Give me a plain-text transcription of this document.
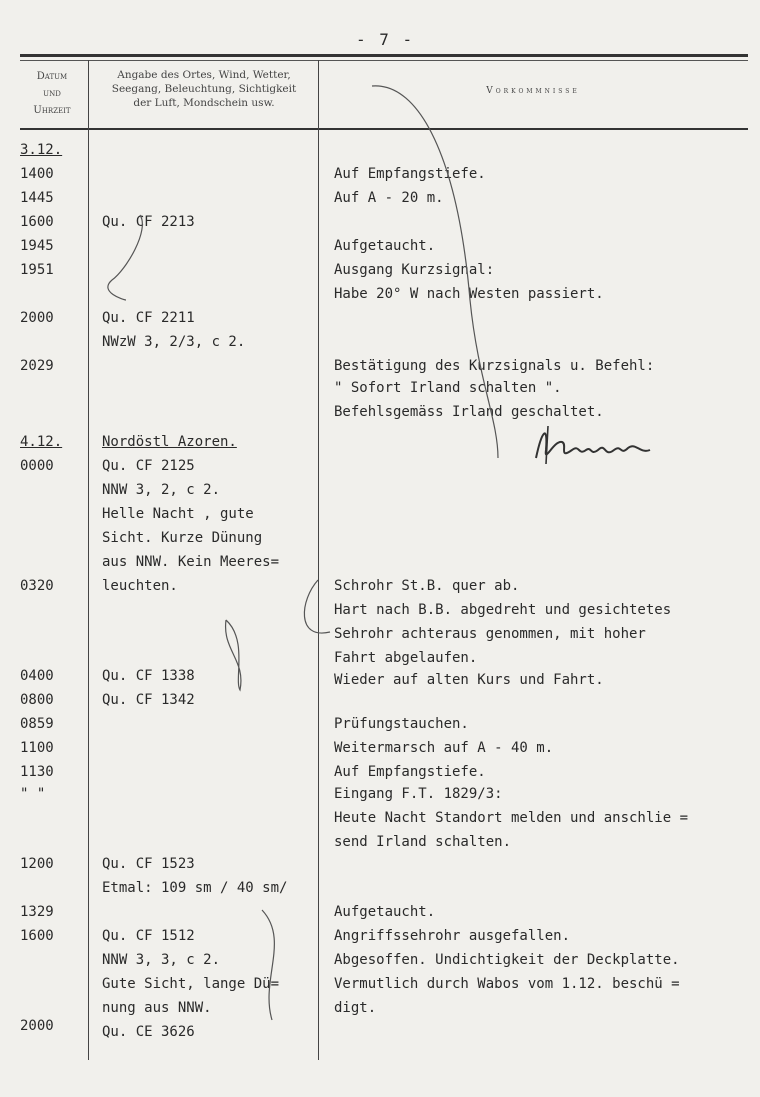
- 7 -
Datum
und
Uhrzeit
Angabe des Ortes, Wind, Wetter,
Seegang, Beleuchtung, Sichtigkeit
der Luft, Mondschein usw.
Vorkommnisse
3.12.
1400
1445
1600
1945
1951
2000
2029
4.12.
0000
0320
0400
0800
0859
1100
1130
" "
1200
1329
1600
2000
Qu. CF 2213
Qu. CF 2211
NWzW 3, 2/3, c 2.
Nordöstl Azoren.
Qu. CF 2125
NNW 3, 2, c 2.
Helle Nacht , gute
Sicht. Kurze Dünung
aus NNW. Kein Meeres=
leuchten.
Qu. CF 1338
Qu. CF 1342
Qu. CF 1523
Etmal: 109 sm / 40 sm/
Qu. CF 1512
NNW 3, 3, c 2.
Gute Sicht, lange Dü=
nung aus NNW.
Qu. CE 3626
Auf Empfangstiefe.
Auf A - 20 m.
Aufgetaucht.
Ausgang Kurzsignal:
Habe 20° W nach Westen passiert.
Bestätigung des Kurzsignals u. Befehl:
" Sofort Irland schalten ".
Befehlsgemäss Irland geschaltet.
Schrohr St.B. quer ab.
Hart nach B.B. abgedreht und gesichtetes
Sehrohr achteraus genommen, mit hoher
Fahrt abgelaufen.
Wieder auf alten Kurs und Fahrt.
Prüfungstauchen.
Weitermarsch auf A - 40 m.
Auf Empfangstiefe.
Eingang F.T. 1829/3:
Heute Nacht Standort melden und anschlie =
send Irland schalten.
Aufgetaucht.
Angriffssehrohr ausgefallen.
Abgesoffen. Undichtigkeit der Deckplatte.
Vermutlich durch Wabos vom 1.12. beschü =
digt.
